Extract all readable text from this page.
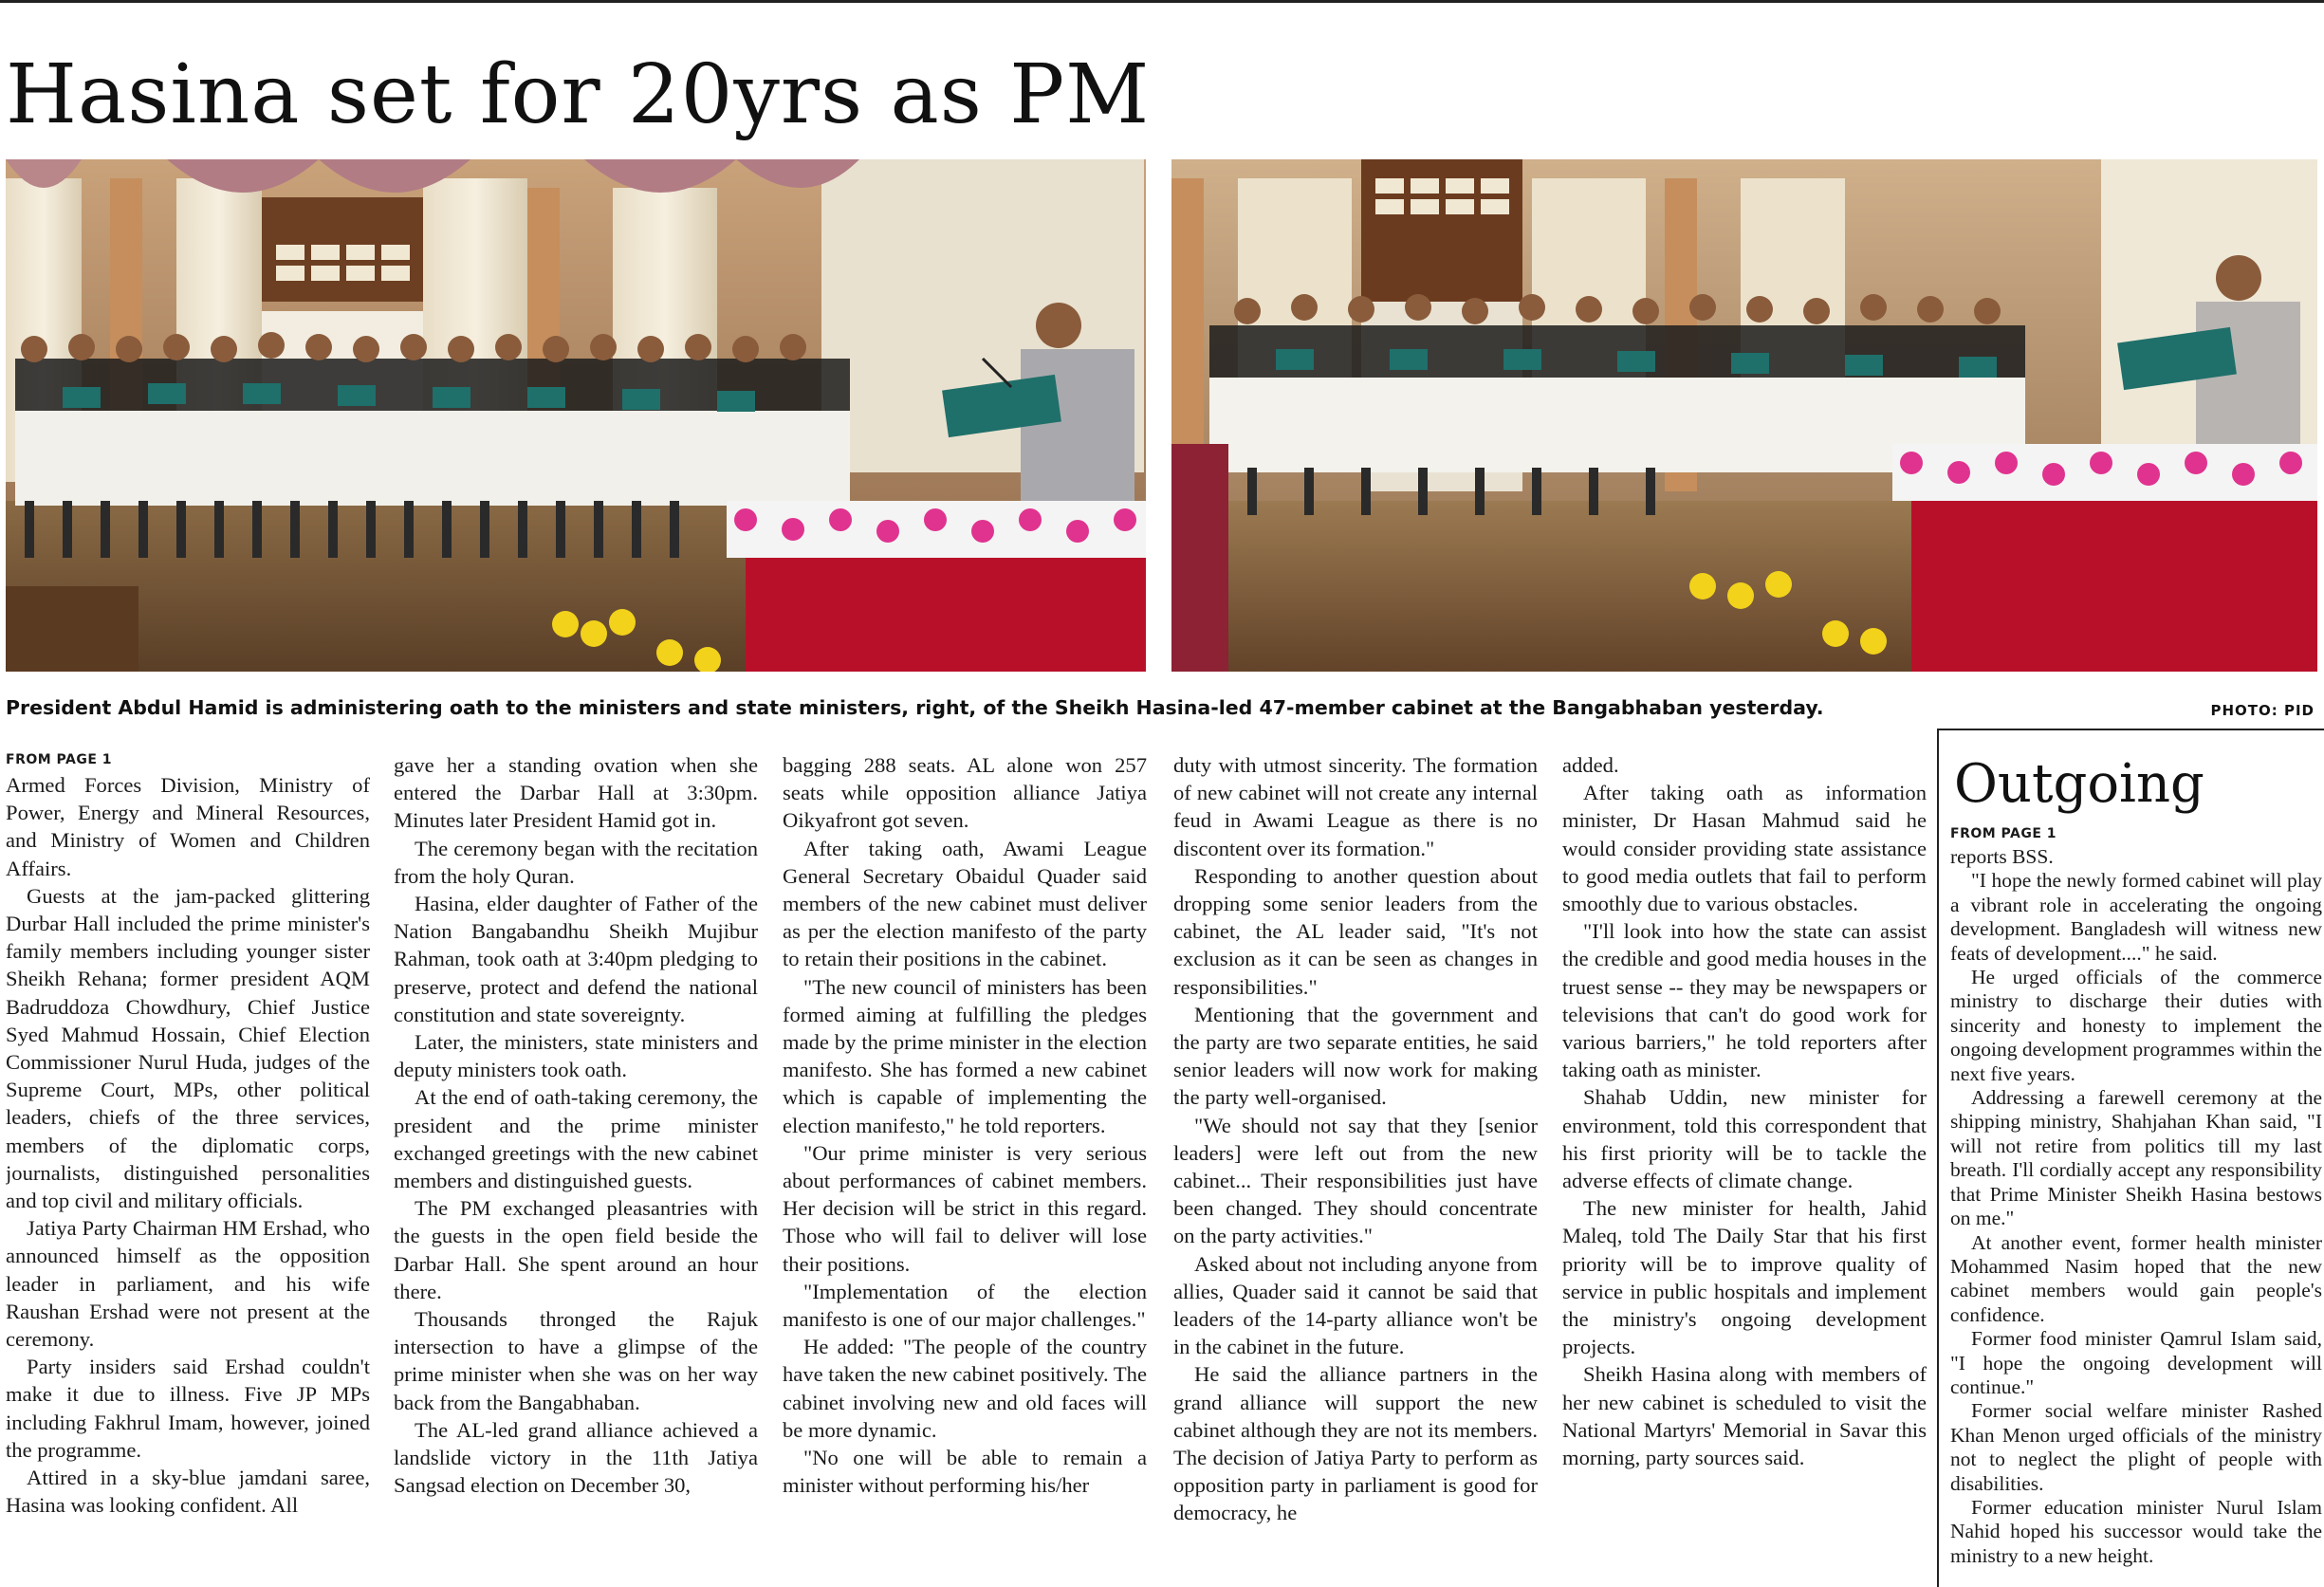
Hasina set for 20yrs as PM
President Abdul Hamid is administering oath to the ministers and state ministers, right, of the Sheikh Hasina-led 47-member cabinet at the Bangabhaban yesterday.	PHOTO: PID
FROM PAGE 1

Armed Forces Division, Ministry of Power, Energy and Mineral Resources, and Ministry of Women and Children Affairs.

Guests at the jam-packed glittering Durbar Hall included the prime minister's family members including younger sister Sheikh Rehana; former president AQM Badruddoza Chowdhury, Chief Justice Syed Mahmud Hossain, Chief Election Commissioner Nurul Huda, judges of the Supreme Court, MPs, other political leaders, chiefs of the three services, members of the diplomatic corps, journalists, distinguished personalities and top civil and military officials.

Jatiya Party Chairman HM Ershad, who announced himself as the opposition leader in parliament, and his wife Raushan Ershad were not present at the ceremony.

Party insiders said Ershad couldn't make it due to illness. Five JP MPs including Fakhrul Imam, however, joined the programme.

Attired in a sky-blue jamdani saree, Hasina was looking confident. All

gave her a standing ovation when she entered the Darbar Hall at 3:30pm. Minutes later President Hamid got in.

The ceremony began with the recitation from the holy Quran.

Hasina, elder daughter of Father of the Nation Bangabandhu Sheikh Mujibur Rahman, took oath at 3:40pm pledging to preserve, protect and defend the national constitution and state sovereignty.

Later, the ministers, state ministers and deputy ministers took oath.

At the end of oath-taking ceremony, the president and the prime minister exchanged greetings with the new cabinet members and distinguished guests.

The PM exchanged pleasantries with the guests in the open field beside the Darbar Hall. She spent around an hour there.

Thousands thronged the Rajuk intersection to have a glimpse of the prime minister when she was on her way back from the Bangabhaban.

The AL-led grand alliance achieved a landslide victory in the 11th Jatiya Sangsad election on December 30,

bagging 288 seats. AL alone won 257 seats while opposition alliance Jatiya Oikyafront got seven.

After taking oath, Awami League General Secretary Obaidul Quader said members of the new cabinet must deliver as per the election manifesto of the party to retain their positions in the cabinet.

"The new council of ministers has been formed aiming at fulfilling the pledges made by the prime minister in the election manifesto. She has formed a new cabinet which is capable of implementing the election manifesto," he told reporters.

"Our prime minister is very serious about performances of cabinet members. Her decision will be strict in this regard. Those who will fail to deliver will lose their positions.

"Implementation of the election manifesto is one of our major challenges."

He added: "The people of the country have taken the new cabinet positively. The cabinet involving new and old faces will be more dynamic.

"No one will be able to remain a minister without performing his/her

duty with utmost sincerity. The formation of new cabinet will not create any internal feud in Awami League as there is no discontent over its formation."

Responding to another question about dropping some senior leaders from the cabinet, the AL leader said, "It's not exclusion as it can be seen as changes in responsibilities."

Mentioning that the government and the party are two separate entities, he said senior leaders will now work for making the party well-organised.

"We should not say that they [senior leaders] were left out from the new cabinet... Their responsibilities just have been changed. They should concentrate on the party activities."

Asked about not including anyone from allies, Quader said it cannot be said that leaders of the 14-party alliance won't be in the cabinet in the future.

He said the alliance partners in the grand alliance will support the new cabinet although they are not its members. The decision of Jatiya Party to perform as opposition party in parliament is good for democracy, he

added.

After taking oath as information minister, Dr Hasan Mahmud said he would consider providing state assistance to good media outlets that fail to perform smoothly due to various obstacles.

"I'll look into how the state can assist the credible and good media houses in the truest sense -- they may be newspapers or televisions that can't do good work for various barriers," he told reporters after taking oath as minister.

Shahab Uddin, new minister for environment, told this correspondent that his first priority will be to tackle the adverse effects of climate change.

The new minister for health, Jahid Maleq, told The Daily Star that his first priority will be to improve quality of service in public hospitals and implement the ministry's ongoing development projects.

Sheikh Hasina along with members of her new cabinet is scheduled to visit the National Martyrs' Memorial in Savar this morning, party sources said.

Outgoing
FROM PAGE 1

reports BSS.

"I hope the newly formed cabinet will play a vibrant role in accelerating the ongoing development. Bangladesh will witness new feats of development...." he said.

He urged officials of the commerce ministry to discharge their duties with sincerity and honesty to implement the ongoing development programmes within the next five years.

Addressing a farewell ceremony at the shipping ministry, Shahjahan Khan said, "I will not retire from politics till my last breath. I'll cordially accept any responsibility that Prime Minister Sheikh Hasina bestows on me."

At another event, former health minister Mohammed Nasim hoped that the new cabinet members would gain people's confidence.

Former food minister Qamrul Islam said, "I hope the ongoing development will continue."

Former social welfare minister Rashed Khan Menon urged officials of the ministry not to neglect the plight of people with disabilities.

Former education minister Nurul Islam Nahid hoped his successor would take the ministry to a new height.
